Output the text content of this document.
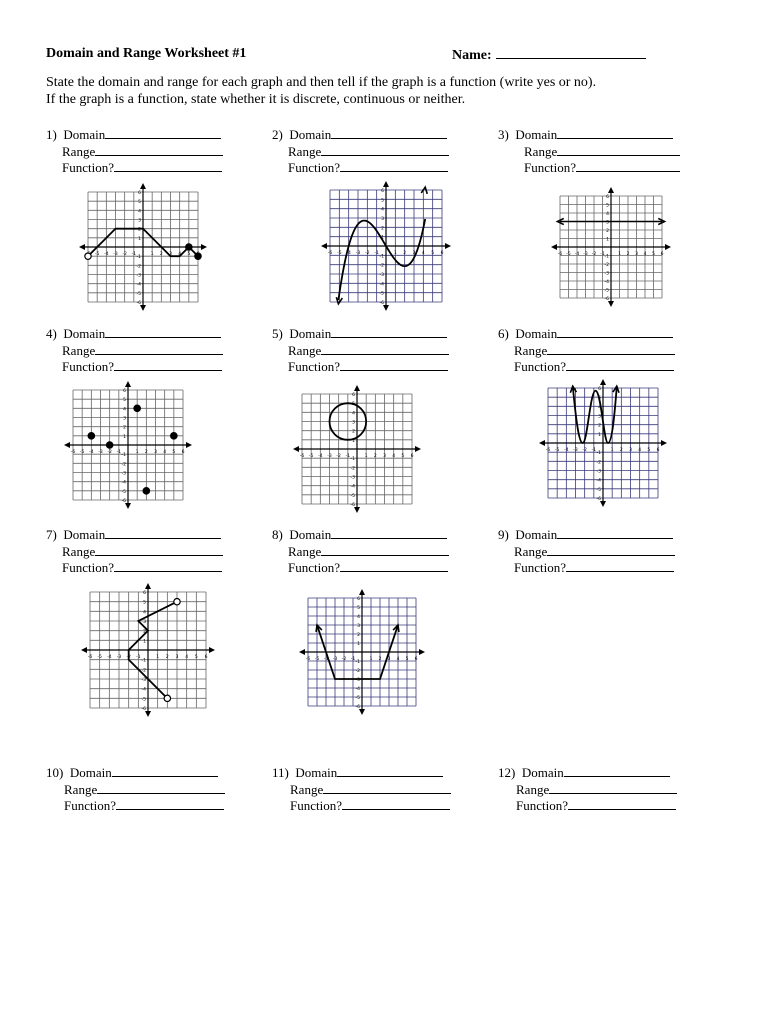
Domain and Range Worksheet #1	Name:
State the domain and range for each graph and then tell if the graph is a function (write yes or no).
If the graph is a function, state whether it is discrete, continuous or neither.
1) Domain
Range
Function?
2) Domain
Range
Function?
3) Domain
Range
Function?
4) Domain
Range
Function?
5) Domain
Range
Function?
6) Domain
Range
Function?
7) Domain
Range
Function?
8) Domain
Range
Function?
9) Domain
Range
Function?
10) Domain
Range
Function?
11) Domain
Range
Function?
12) Domain
Range
Function?
-6
-5
-5
-4
-4
-3
-3
-2
-2
-1
-1
1
1
2
2
3
3
4
4
5
5
6
-6
-6
-5
-5
-4
-4
-3
-3
-2
-2
-1
-1
1
1
2
2
3
3
4
4
5
5
6
6
-6
-6
-5
-5
-4
-4
-3
-3
-2
-2
-1 -1 1
1
2
2
3
3
4
4
5
5
6
6
-6
-6
-5
-5
-4
-4
-3
-3
-2
-2
-1
-1
1
1
2
2
3
3
4
4
5
5
6
6
-6
-6
-5
-5
-4
-4
-3
-3
-2
-2
-1
-1
1
1
2
2
3
3
4
4
5
5
6
6
-6
-6
-5
-5
-4
-4
-3
-3
-2
-2
-1
-1
1
1
2
2
3
3
4
4
5
5
6
6
-6
-6
-5
-5
-4
-4
-3
-3
-2
-2
-1
-1
1
1
2
2
3
3
4
4
5
5
6
6
-6
-6
-5
-5
-4
-4
-3
-3
-2
-2
-1
-1
1
1
2
2
3
3
4
4
5
5
6
6
